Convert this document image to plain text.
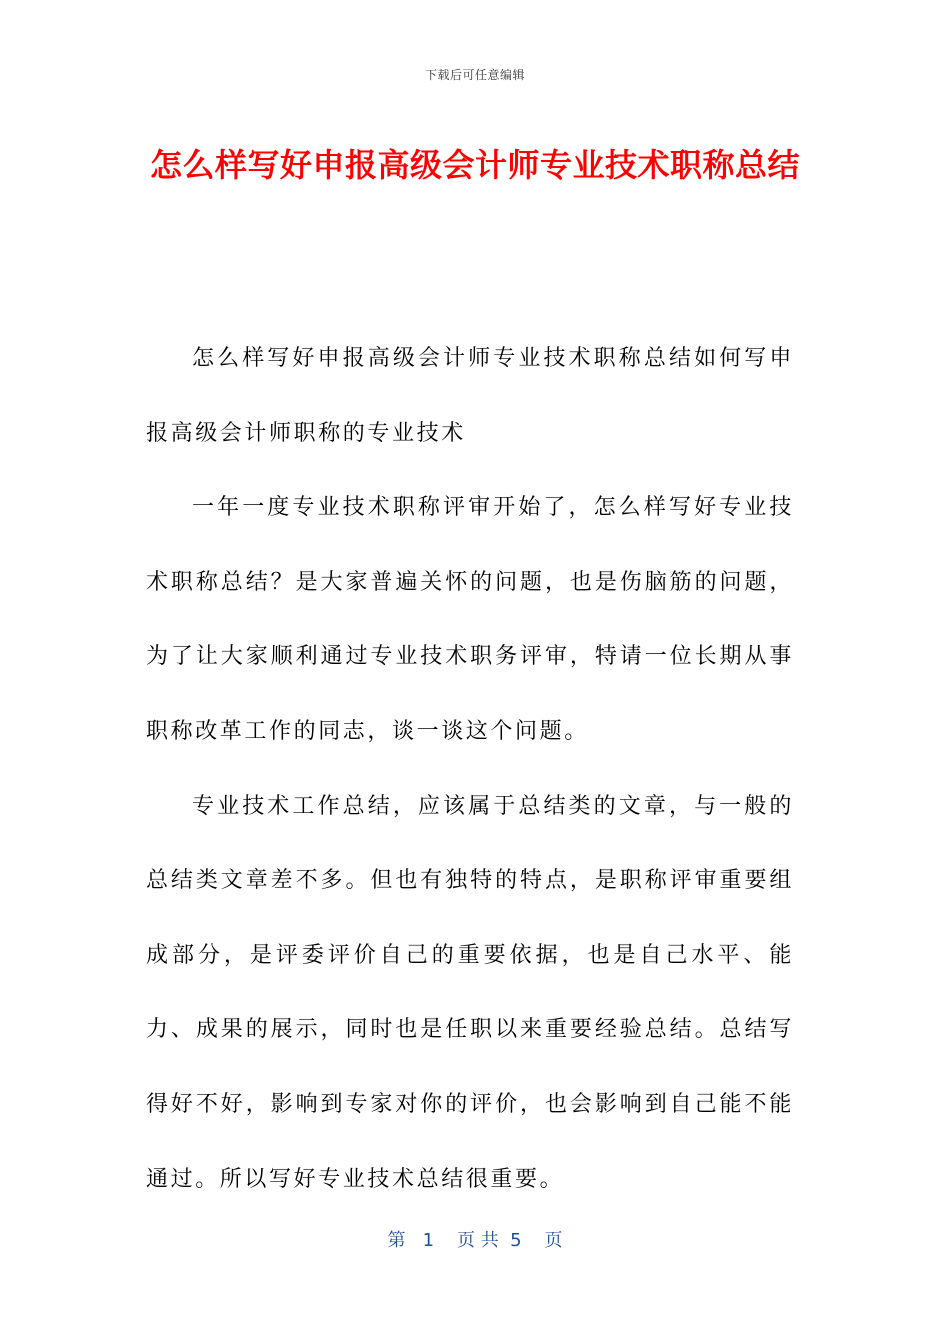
下载后可任意编辑
怎么样写好申报高级会计师专业技术职称总结

怎么样写好申报高级会计师专业技术职称总结如何写申报高级会计师职称的专业技术

一年一度专业技术职称评审开始了，怎么样写好专业技术职称总结？是大家普遍关怀的问题，也是伤脑筋的问题，为了让大家顺利通过专业技术职务评审，特请一位长期从事职称改革工作的同志，谈一谈这个问题。

专业技术工作总结，应该属于总结类的文章，与一般的总结类文章差不多。但也有独特的特点，是职称评审重要组成部分，是评委评价自己的重要依据，也是自己水平、能力、成果的展示，同时也是任职以来重要经验总结。总结写得好不好，影响到专家对你的评价，也会影响到自己能不能通过。所以写好专业技术总结很重要。

第   1    页 共  5    页
